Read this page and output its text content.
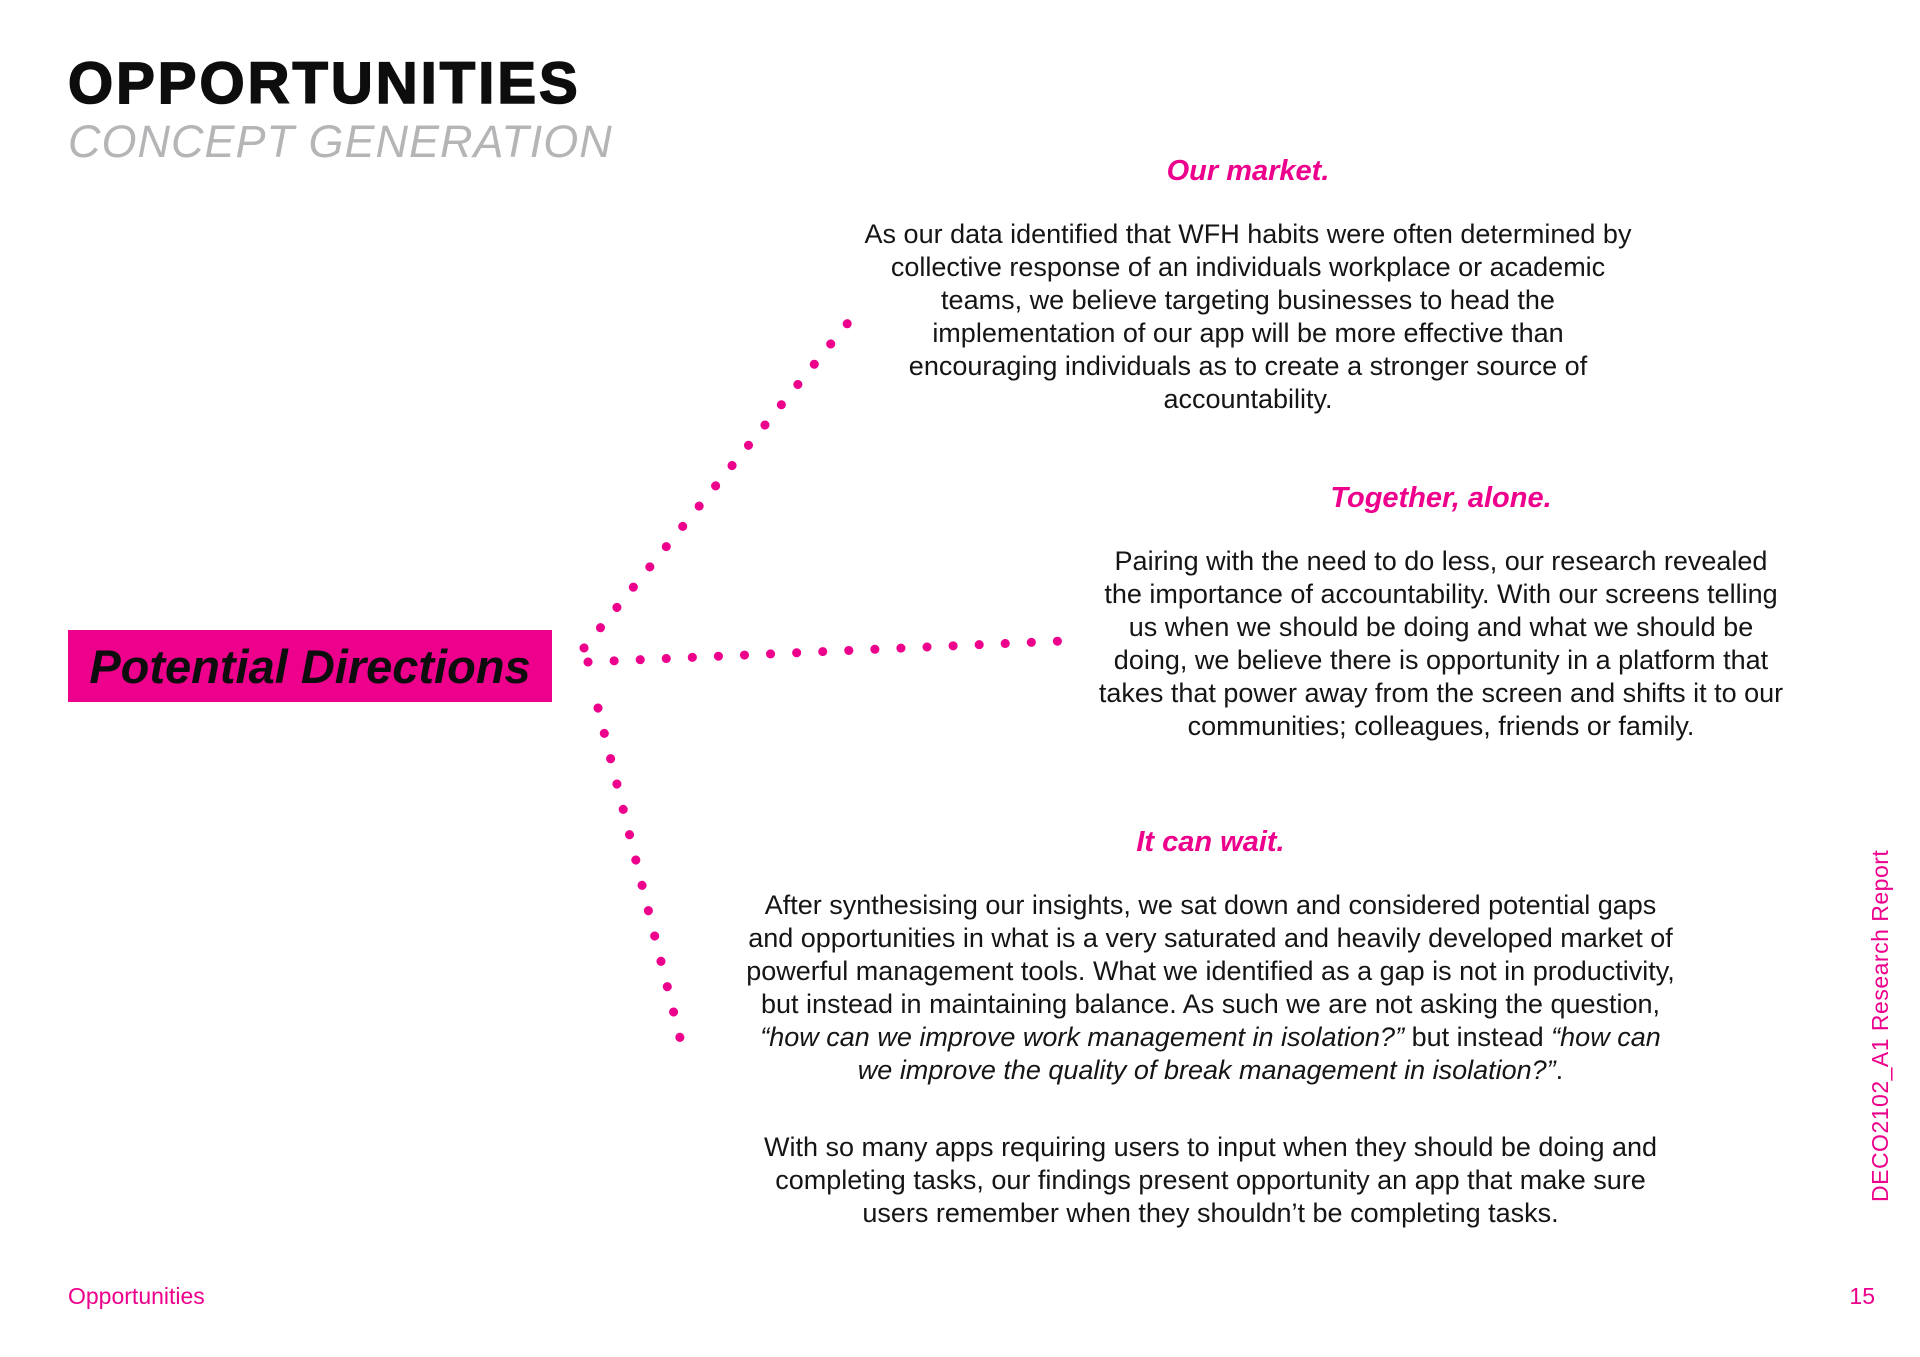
OPPORTUNITIES
CONCEPT GENERATION
Potential Directions
Our market.

As our data identified that WFH habits were often determined by collective response of an individuals workplace or academic teams, we believe targeting businesses to head the implementation of our app will be more effective than encouraging individuals as to create a stronger source of accountability.

Together, alone.

Pairing with the need to do less, our research revealed the importance of accountability. With our screens telling us when we should be doing and what we should be doing, we believe there is opportunity in a platform that takes that power away from the screen and shifts it to our communities; colleagues, friends or family.

It can wait.

After synthesising our insights, we sat down and considered potential gaps and opportunities in what is a very saturated and heavily developed market of powerful management tools. What we identified as a gap is not in productivity, but instead in maintaining balance. As such we are not asking the question, “how can we improve work management in isolation?” but instead “how can we improve the quality of break management in isolation?”.

With so many apps requiring users to input when they should be doing and completing tasks, our findings present opportunity an app that make sure users remember when they shouldn’t be completing tasks.

DECO2102_A1 Research Report
Opportunities	15
